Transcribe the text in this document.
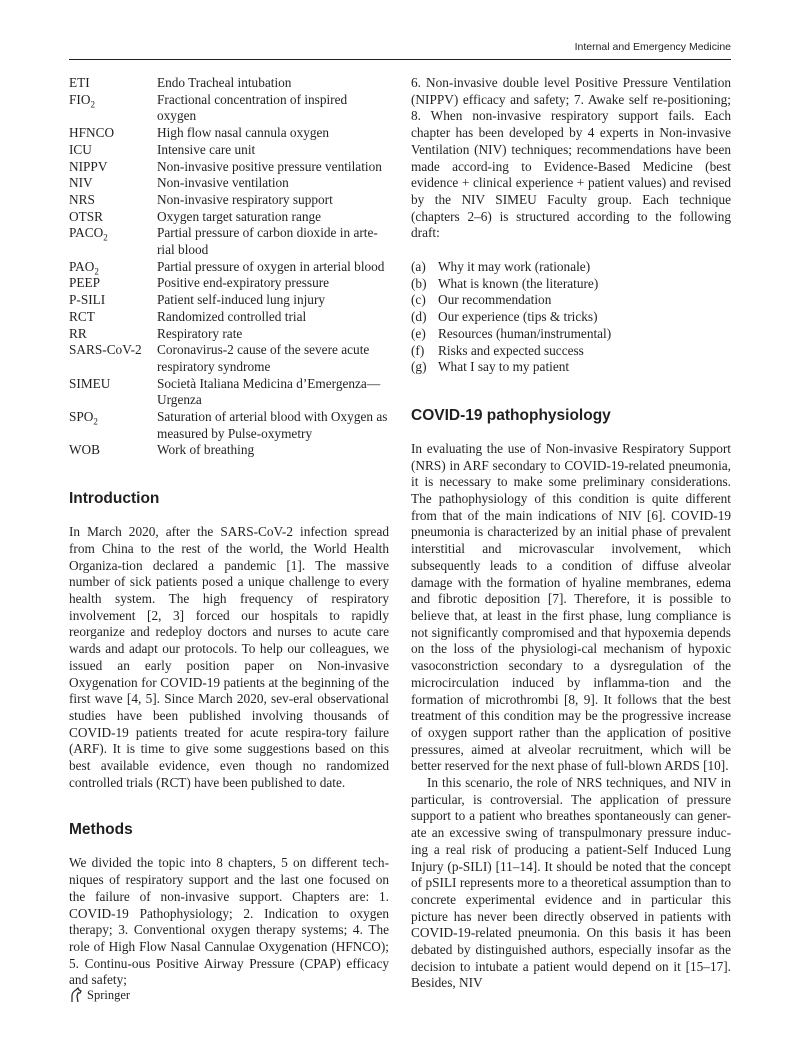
Internal and Emergency Medicine
ETI	Endo Tracheal intubation
$FIO_2$	Fractional concentration of inspired oxygen
HFNCO	High flow nasal cannula oxygen
ICU	Intensive care unit
NIPPV	Non-invasive positive pressure ventilation
NIV	Non-invasive ventilation
NRS	Non-invasive respiratory support
OTSR	Oxygen target saturation range
$PACO_2$	Partial pressure of carbon dioxide in arte-rial blood
$PAO_2$	Partial pressure of oxygen in arterial blood
PEEP	Positive end-expiratory pressure
P-SILI	Patient self-induced lung injury
RCT	Randomized controlled trial
RR	Respiratory rate
SARS-CoV-2	Coronavirus-2 cause of the severe acute respiratory syndrome
SIMEU	Società Italiana Medicina d’Emergenza—Urgenza
$SPO_2$	Saturation of arterial blood with Oxygen as measured by Pulse-oxymetry
WOB	Work of breathing
Introduction

In March 2020, after the SARS-CoV-2 infection spread from China to the rest of the world, the World Health Organiza-tion declared a pandemic [1]. The massive number of sick patients posed a unique challenge to every health system. The high frequency of respiratory involvement [2, 3] forced our hospitals to rapidly reorganize and redeploy doctors and nurses to acute care wards and adapt our protocols. To help our colleagues, we issued an early position paper on Non-invasive Oxygenation for COVID-19 patients at the beginning of the first wave [4, 5]. Since March 2020, sev-eral observational studies have been published involving thousands of COVID-19 patients treated for acute respira-tory failure (ARF). It is time to give some suggestions based on this best available evidence, even though no randomized controlled trials (RCT) have been published to date.

Methods

We divided the topic into 8 chapters, 5 on different tech-niques of respiratory support and the last one focused on the failure of non-invasive support. Chapters are: 1. COVID-19 Pathophysiology; 2. Indication to oxygen therapy; 3. Conventional oxygen therapy systems; 4. The role of High Flow Nasal Cannulae Oxygenation (HFNCO); 5. Continu-ous Positive Airway Pressure (CPAP) efficacy and safety;

6. Non-invasive double level Positive Pressure Ventilation (NIPPV) efficacy and safety; 7. Awake self re-positioning; 8. When non-invasive respiratory support fails. Each chapter has been developed by 4 experts in Non-invasive Ventilation (NIV) techniques; recommendations have been made accord-ing to Evidence-Based Medicine (best evidence + clinical experience + patient values) and revised by the NIV SIMEU Faculty group. Each technique (chapters 2–6) is structured according to the following draft:

(a) Why it may work (rationale)
(b) What is known (the literature)
(c) Our recommendation
(d) Our experience (tips & tricks)
(e) Resources (human/instrumental)
(f)	Risks and expected success
(g) What I say to my patient
COVID-19 pathophysiology

In evaluating the use of Non-invasive Respiratory Support (NRS) in ARF secondary to COVID-19-related pneumonia, it is necessary to make some preliminary considerations. The pathophysiology of this condition is quite different from that of the main indications of NIV [6]. COVID-19 pneumonia is characterized by an initial phase of prevalent interstitial and microvascular involvement, which subsequently leads to a condition of diffuse alveolar damage with the formation of hyaline membranes, edema and fibrotic deposition [7]. Therefore, it is possible to believe that, at least in the first phase, lung compliance is not significantly compromised and that hypoxemia depends on the loss of the physiologi-cal mechanism of hypoxic vasoconstriction secondary to a dysregulation of the microcirculation induced by inflamma-tion and the formation of microthrombi [8, 9]. It follows that the best treatment of this condition may be the progressive increase of oxygen support rather than the application of positive pressures, aimed at alveolar recruitment, which will be better reserved for the next phase of full-blown ARDS [10].

In this scenario, the role of NRS techniques, and NIV in particular, is controversial. The application of pressure support to a patient who breathes spontaneously can gener-ate an excessive swing of transpulmonary pressure induc-ing a real risk of producing a patient-Self Induced Lung Injury (p-SILI) [11–14]. It should be noted that the concept of pSILI represents more to a theoretical assumption than to concrete experimental evidence and in particular this picture has never been directly observed in patients with COVID-19-related pneumonia. On this basis it has been debated by distinguished authors, especially insofar as the decision to intubate a patient would depend on it [15–17]. Besides, NIV

Springer
